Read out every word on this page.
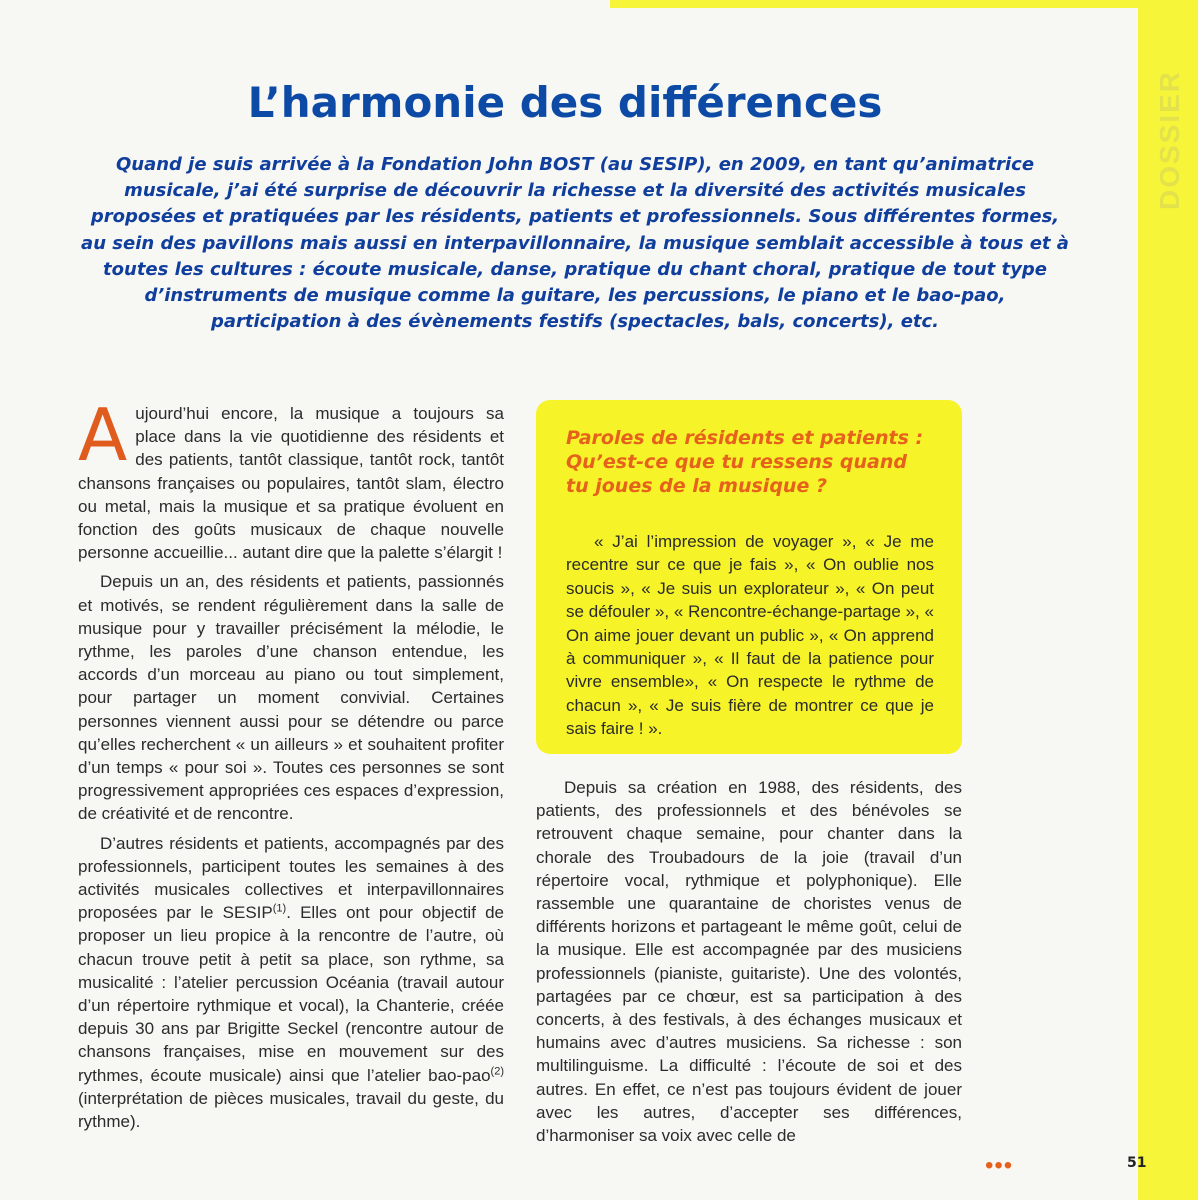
DOSSIER
L’harmonie des différences

Quand je suis arrivée à la Fondation John BOST (au SESIP), en 2009, en tant qu’animatrice musicale, j’ai été surprise de découvrir la richesse et la diversité des activités musicales proposées et pratiquées par les résidents, patients et professionnels. Sous différentes formes, au sein des pavillons mais aussi en interpavillonnaire, la musique semblait accessible à tous et à toutes les cultures : écoute musicale, danse, pratique du chant choral, pratique de tout type d’instruments de musique comme la guitare, les percussions, le piano et le bao-pao, participation à des évènements festifs (spectacles, bals, concerts), etc.

Aujourd’hui encore, la musique a toujours sa place dans la vie quotidienne des résidents et des patients, tantôt classique, tantôt rock, tantôt chansons françaises ou populaires, tantôt slam, électro ou metal, mais la musique et sa pratique évoluent en fonction des goûts musicaux de chaque nouvelle personne accueillie... autant dire que la palette s’élargit !

Depuis un an, des résidents et patients, passionnés et motivés, se rendent régulièrement dans la salle de musique pour y travailler précisément la mélodie, le rythme, les paroles d’une chanson entendue, les accords d’un morceau au piano ou tout simplement, pour partager un moment convivial. Certaines personnes viennent aussi pour se détendre ou parce qu’elles recherchent « un ailleurs » et souhaitent profiter d’un temps « pour soi ». Toutes ces personnes se sont progressivement appropriées ces espaces d’expression, de créativité et de rencontre.

D’autres résidents et patients, accompagnés par des professionnels, participent toutes les semaines à des activités musicales collectives et interpavillonnaires proposées par le SESIP$^{(1)}$. Elles ont pour objectif de proposer un lieu propice à la rencontre de l’autre, où chacun trouve petit à petit sa place, son rythme, sa musicalité : l’atelier percussion Océania (travail autour d’un répertoire rythmique et vocal), la Chanterie, créée depuis 30 ans par Brigitte Seckel (rencontre autour de chansons françaises, mise en mouvement sur des rythmes, écoute musicale) ainsi que l’atelier bao-pao$^{(2)}$ (interprétation de pièces musicales, travail du geste, du rythme).

Paroles de résidents et patients : Qu’est-ce que tu ressens quand tu joues de la musique ?

« J’ai l’impression de voyager », « Je me recentre sur ce que je fais », « On oublie nos soucis », « Je suis un explorateur », « On peut se défouler », « Rencontre-échange-partage », « On aime jouer devant un public », « On apprend à communiquer », « Il faut de la patience pour vivre ensemble», « On respecte le rythme de chacun », « Je suis fière de montrer ce que je sais faire ! ».

Depuis sa création en 1988, des résidents, des patients, des professionnels et des bénévoles se retrouvent chaque semaine, pour chanter dans la chorale des Troubadours de la joie (travail d’un répertoire vocal, rythmique et polyphonique). Elle rassemble une quarantaine de choristes venus de différents horizons et partageant le même goût, celui de la musique. Elle est accompagnée par des musiciens professionnels (pianiste, guitariste). Une des volontés, partagées par ce chœur, est sa participation à des concerts, à des festivals, à des échanges musicaux et humains avec d’autres musiciens. Sa richesse : son multilinguisme. La difficulté : l’écoute de soi et des autres. En effet, ce n’est pas toujours évident de jouer avec les autres, d’accepter ses différences, d’harmoniser sa voix avec celle de

•••	51
